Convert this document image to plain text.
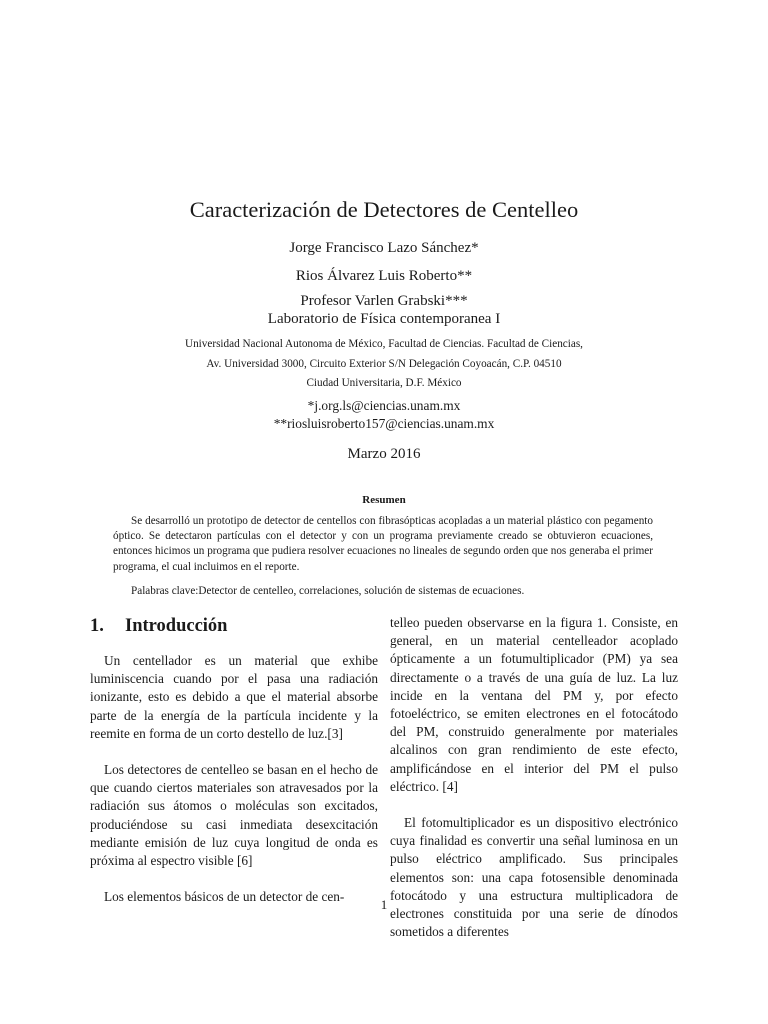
Caracterización de Detectores de Centelleo
Jorge Francisco Lazo Sánchez*
Rios Álvarez Luis Roberto**
Profesor Varlen Grabski***
Laboratorio de Física contemporanea I
Universidad Nacional Autonoma de México, Facultad de Ciencias. Facultad de Ciencias,
Av. Universidad 3000, Circuito Exterior S/N Delegación Coyoacán, C.P. 04510
Ciudad Universitaria, D.F. México
*j.org.ls@ciencias.unam.mx
**riosluisroberto157@ciencias.unam.mx
Marzo 2016
Resumen
Se desarrolló un prototipo de detector de centellos con fibrasópticas acopladas a un material plástico con pegamento óptico. Se detectaron partículas con el detector y con un programa previamente creado se obtuvieron ecuaciones, entonces hicimos un programa que pudiera resolver ecuaciones no lineales de segundo orden que nos generaba el primer programa, el cual incluimos en el reporte.
Palabras clave:Detector de centelleo, correlaciones, solución de sistemas de ecuaciones.
1.	Introducción

Un centellador es un material que exhibe luminiscencia cuando por el pasa una radiación ionizante, esto es debido a que el material absorbe parte de la energía de la partícula incidente y la reemite en forma de un corto destello de luz.[3]

Los detectores de centelleo se basan en el hecho de que cuando ciertos materiales son atravesados por la radiación sus átomos o moléculas son excitados, produciéndose su casi inmediata desexcitación mediante emisión de luz cuya longitud de onda es próxima al espectro visible [6]

Los elementos básicos de un detector de cen-

telleo pueden observarse en la figura 1. Consiste, en general, en un material centelleador acoplado ópticamente a un fotumultiplicador (PM) ya sea directamente o a través de una guía de luz. La luz incide en la ventana del PM y, por efecto fotoeléctrico, se emiten electrones en el fotocátodo del PM, construido generalmente por materiales alcalinos con gran rendimiento de este efecto, amplificándose en el interior del PM el pulso eléctrico. [4]

El fotomultiplicador es un dispositivo electrónico cuya finalidad es convertir una señal luminosa en un pulso eléctrico amplificado. Sus principales elementos son: una capa fotosensible denominada fotocátodo y una estructura multiplicadora de electrones constituida por una serie de dínodos sometidos a diferentes

1
